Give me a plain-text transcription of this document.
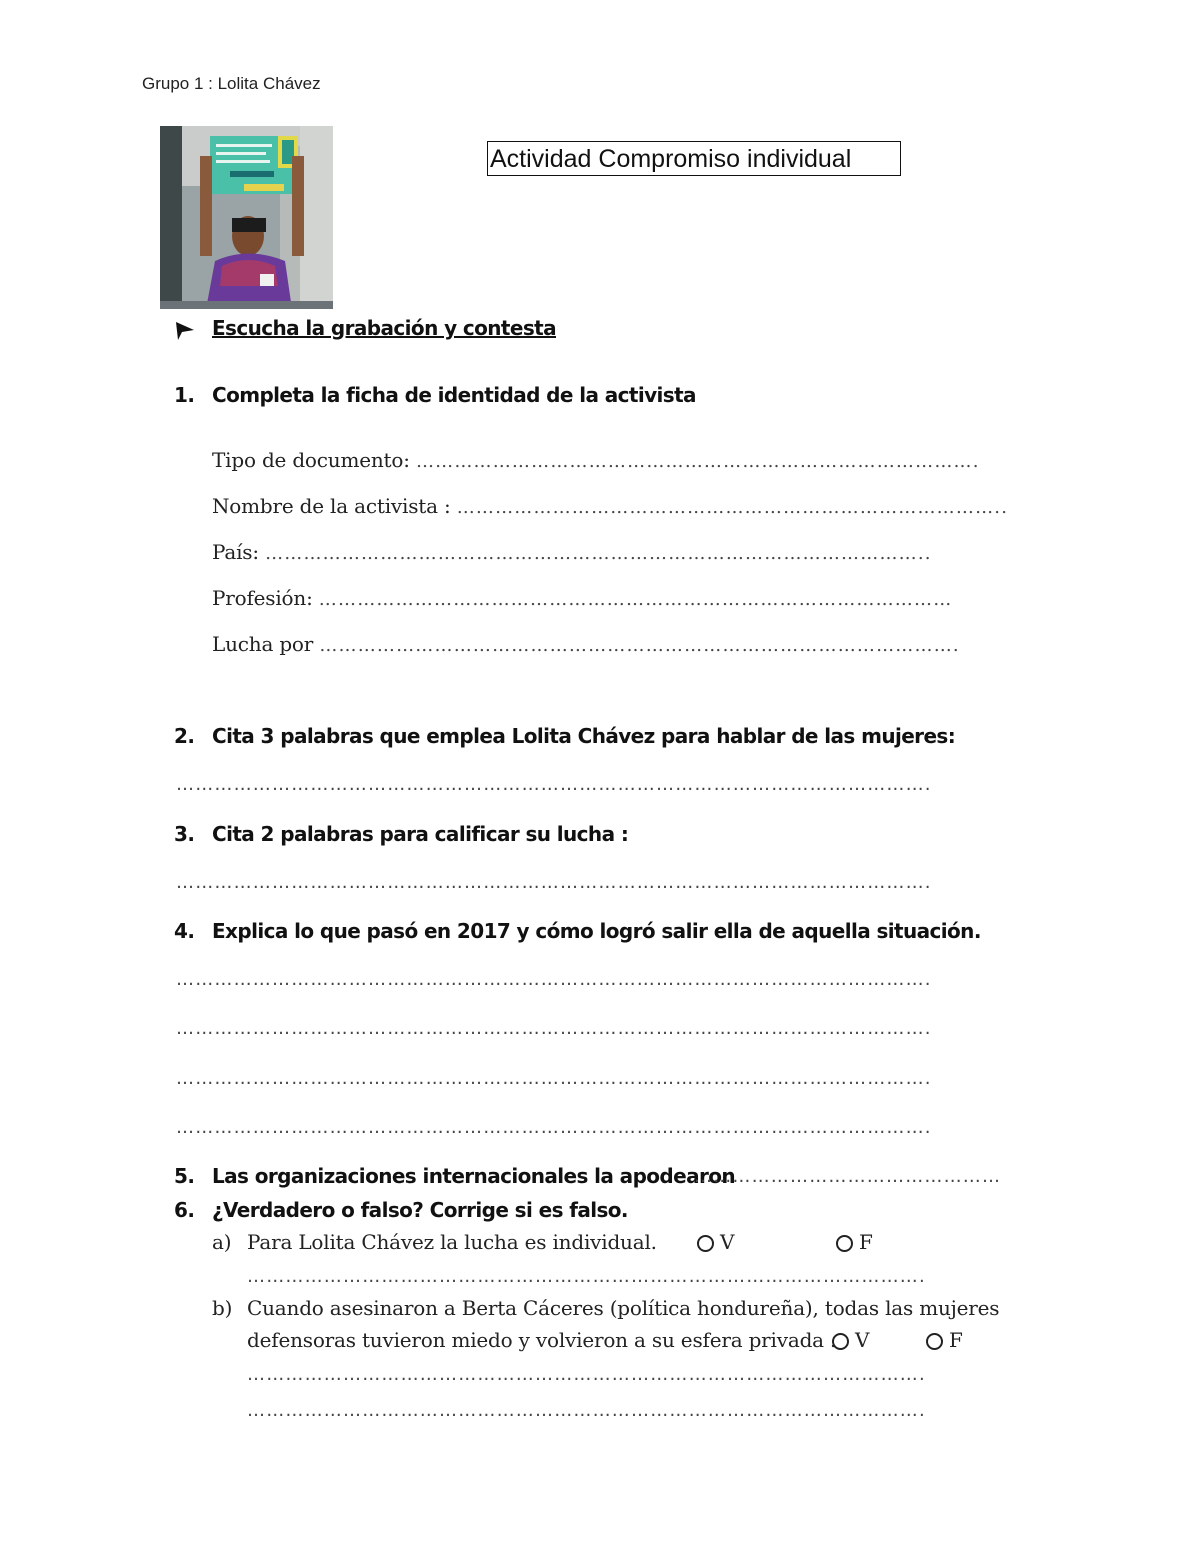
Grupo 1 : Lolita Chávez
Actividad Compromiso individual
Escucha la grabación y contesta
1. Completa la ficha de identidad de la activista
Tipo de documento: …………………………………………………………………………….
Nombre de la activista : …………………………………………………………………………..
País: …………………………………………………………………………………………..
Profesión: ………………………………………………………………………………………
Lucha por ……………………………………………………………………………………….
2. Cita 3 palabras que emplea Lolita Chávez para hablar de las mujeres:
……………………………………………………………………………………………………….
3. Cita 2 palabras para calificar su lucha :
……………………………………………………………………………………………………….
4. Explica lo que pasó en 2017 y cómo logró salir ella de aquella situación.
……………………………………………………………………………………………………….
……………………………………………………………………………………………………….
……………………………………………………………………………………………………….
……………………………………………………………………………………………………….
5. Las organizaciones internacionales la apodearon
…………………………………………
6. ¿Verdadero o falso? Corrige si es falso.
a) Para Lolita Chávez la lucha es individual.	V	F
…………………………………………………………………………………………….
b) Cuando asesinaron a Berta Cáceres (política hondureña), todas las mujeres
defensoras tuvieron miedo y volvieron a su esfera privada . V	F
…………………………………………………………………………………………….
…………………………………………………………………………………………….
